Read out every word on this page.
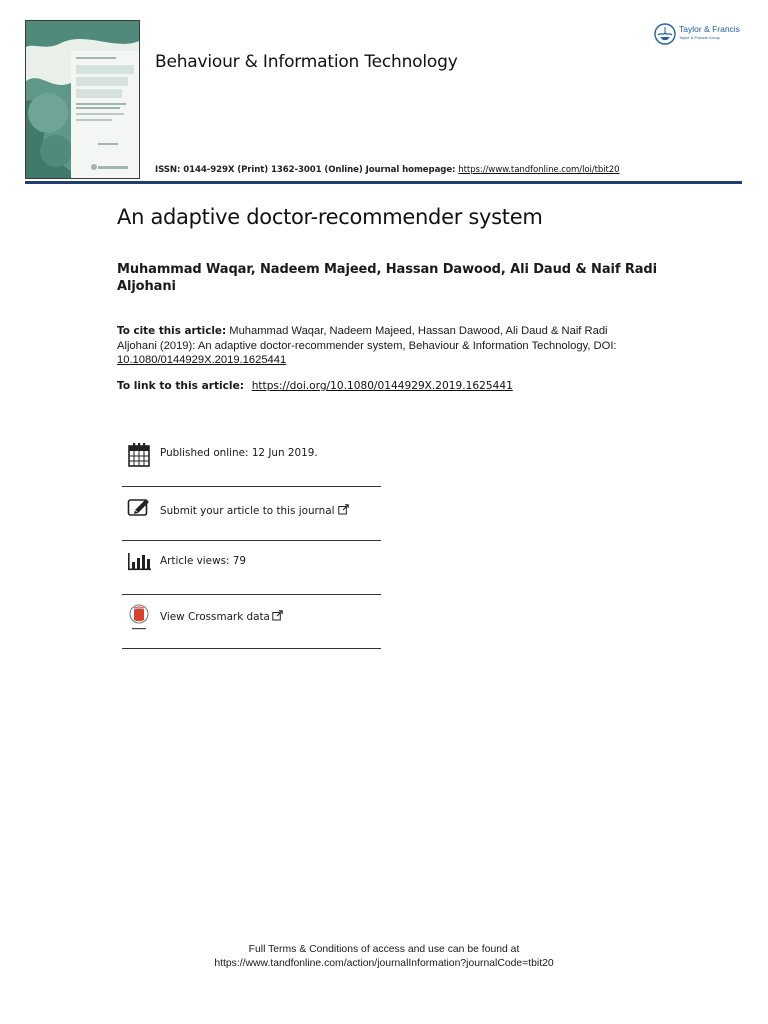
Behaviour & Information Technology
Taylor & Francis
Taylor & Francis Group
ISSN: 0144-929X (Print) 1362-3001 (Online) Journal homepage: https://www.tandfonline.com/loi/tbit20
An adaptive doctor-recommender system
Muhammad Waqar, Nadeem Majeed, Hassan Dawood, Ali Daud & Naif Radi Aljohani
To cite this article: Muhammad Waqar, Nadeem Majeed, Hassan Dawood, Ali Daud & Naif Radi Aljohani (2019): An adaptive doctor-recommender system, Behaviour & Information Technology, DOI: 10.1080/0144929X.2019.1625441
To link to this article: https://doi.org/10.1080/0144929X.2019.1625441
Published online: 12 Jun 2019.
Submit your article to this journal
Article views: 79
View Crossmark data
Full Terms & Conditions of access and use can be found at
https://www.tandfonline.com/action/journalInformation?journalCode=tbit20
